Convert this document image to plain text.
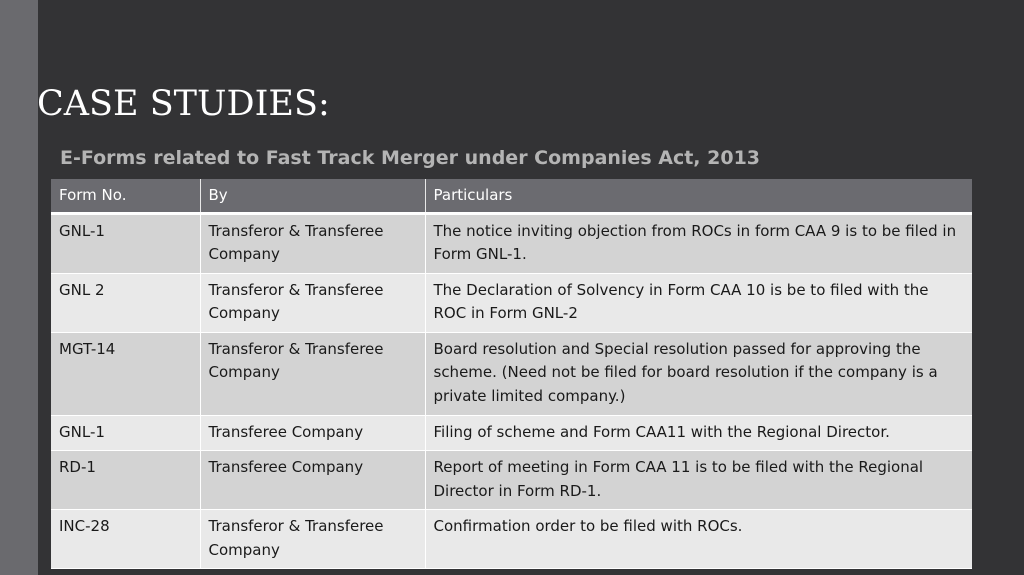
CASE STUDIES:
E-Forms related to Fast Track Merger under Companies Act, 2013
Form No.	By	Particulars
GNL-1	Transferor & Transferee Company	The notice inviting objection from ROCs in form CAA 9 is to be filed in Form GNL-1.
GNL 2	Transferor & Transferee Company	The Declaration of Solvency in Form CAA 10 is be to filed with the ROC in Form GNL-2
MGT-14	Transferor & Transferee Company	Board resolution and Special resolution passed for approving the scheme. (Need not be filed for board resolution if the company is a private limited company.)
GNL-1	Transferee Company	Filing of scheme and Form CAA11 with the Regional Director.
RD-1	Transferee Company	Report of meeting in Form CAA 11 is to be filed with the Regional Director in Form RD-1.
INC-28	Transferor & Transferee Company	Confirmation order to be filed with ROCs.
